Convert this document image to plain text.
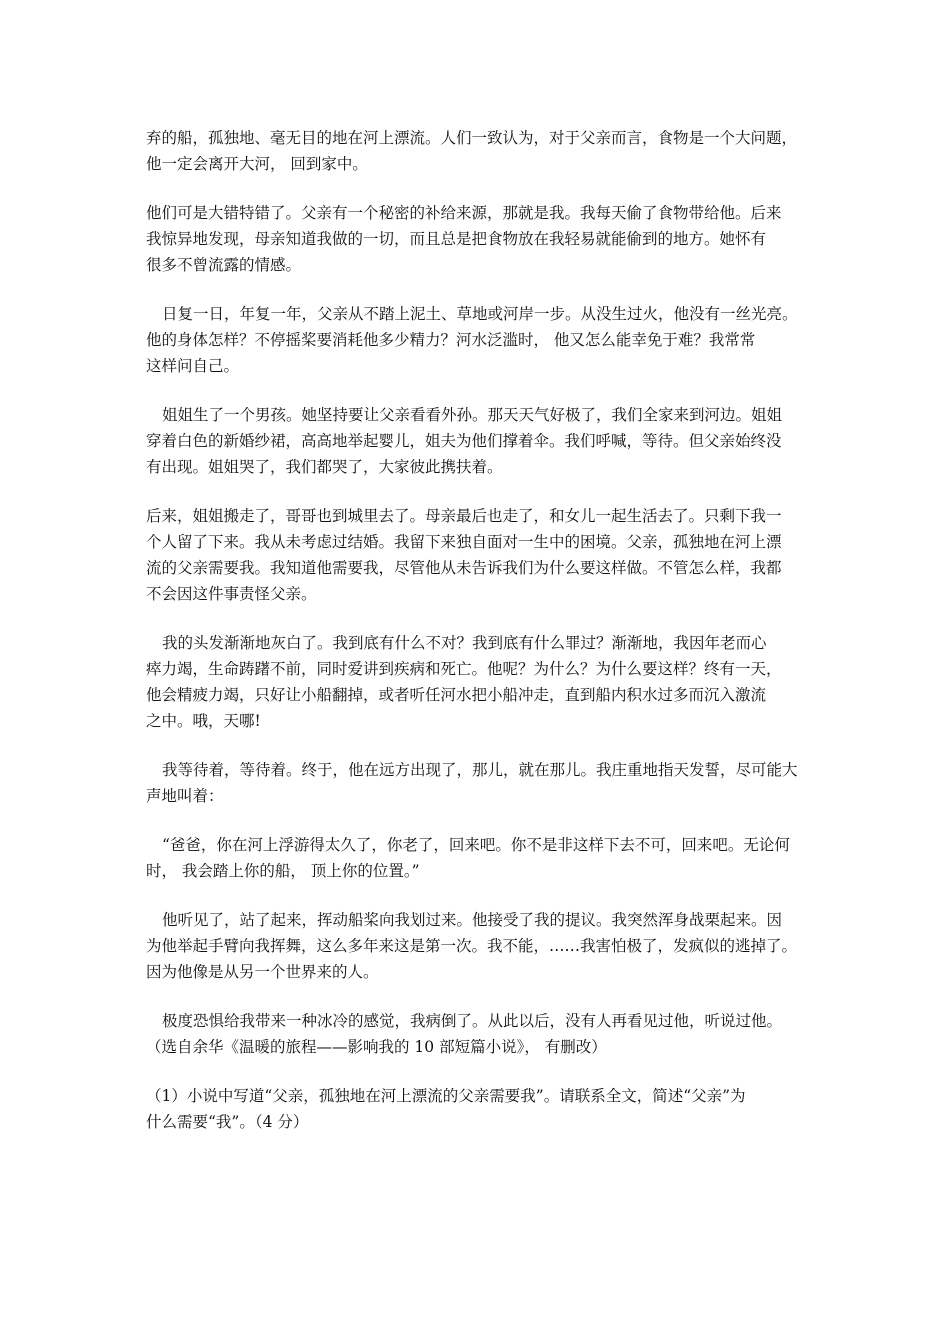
弃的船，孤独地、毫无目的地在河上漂流。人们一致认为，对于父亲而言，食物是一个大问题，
他一定会离开大河， 回到家中。

他们可是大错特错了。父亲有一个秘密的补给来源，那就是我。我每天偷了食物带给他。后来
我惊异地发现，母亲知道我做的一切，而且总是把食物放在我轻易就能偷到的地方。她怀有
很多不曾流露的情感。

日复一日，年复一年，父亲从不踏上泥土、草地或河岸一步。从没生过火，他没有一丝光亮。
他的身体怎样？不停摇桨要消耗他多少精力？河水泛滥时， 他又怎么能幸免于难？我常常
这样问自己。

姐姐生了一个男孩。她坚持要让父亲看看外孙。那天天气好极了，我们全家来到河边。姐姐
穿着白色的新婚纱裙，高高地举起婴儿，姐夫为他们撑着伞。我们呼喊，等待。但父亲始终没
有出现。姐姐哭了，我们都哭了，大家彼此携扶着。

后来，姐姐搬走了，哥哥也到城里去了。母亲最后也走了，和女儿一起生活去了。只剩下我一
个人留了下来。我从未考虑过结婚。我留下来独自面对一生中的困境。父亲，孤独地在河上漂
流的父亲需要我。我知道他需要我，尽管他从未告诉我们为什么要这样做。不管怎么样，我都
不会因这件事责怪父亲。

我的头发渐渐地灰白了。我到底有什么不对？我到底有什么罪过？渐渐地，我因年老而心
瘁力竭，生命踌躇不前，同时爱讲到疾病和死亡。他呢？为什么？为什么要这样？终有一天，
他会精疲力竭，只好让小船翻掉，或者听任河水把小船冲走，直到船内积水过多而沉入激流
之中。哦，天哪!

我等待着，等待着。终于，他在远方出现了，那儿，就在那儿。我庄重地指天发誓，尽可能大
声地叫着：

“爸爸，你在河上浮游得太久了，你老了，回来吧。你不是非这样下去不可，回来吧。无论何
时， 我会踏上你的船， 顶上你的位置。”

他听见了，站了起来，挥动船桨向我划过来。他接受了我的提议。我突然浑身战栗起来。因
为他举起手臂向我挥舞，这么多年来这是第一次。我不能，……我害怕极了，发疯似的逃掉了。
因为他像是从另一个世界来的人。

极度恐惧给我带来一种冰冷的感觉，我病倒了。从此以后，没有人再看见过他，听说过他。

（选自余华《温暖的旅程——影响我的 10 部短篇小说》， 有删改）

（1）小说中写道“父亲，孤独地在河上漂流的父亲需要我”。请联系全文，简述“父亲”为
什么需要“我”。（4 分）
